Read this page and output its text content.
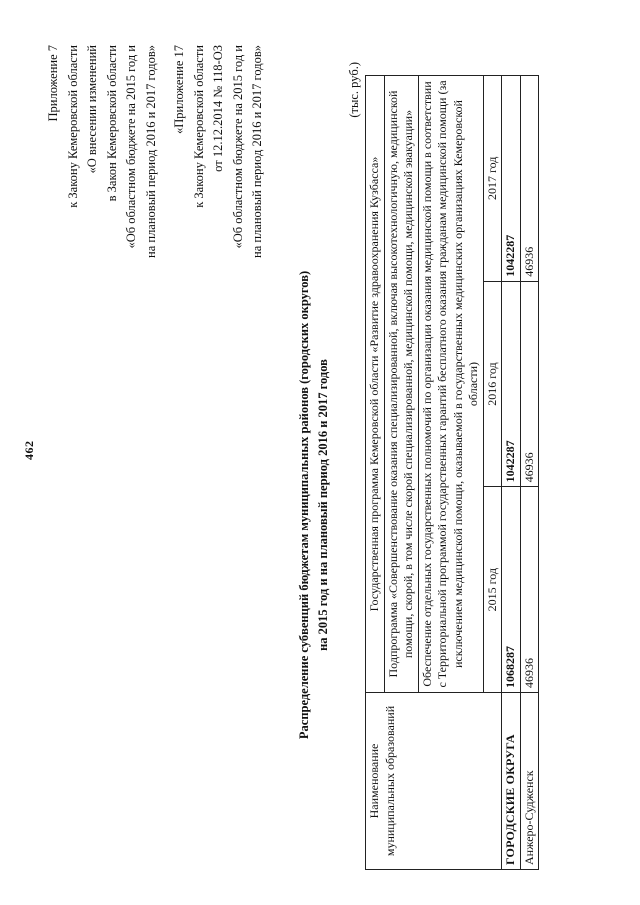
462
Приложение 7 к Закону Кемеровской области «О внесении изменений в Закон Кемеровской области «Об областном бюджете на 2015 год и на плановый период 2016 и 2017 годов» «Приложение 17 к Закону Кемеровской области от 12.12.2014 № 118-ОЗ «Об областном бюджете на 2015 год и на плановый период 2016 и 2017 годов»
Распределение субвенций бюджетам муниципальных районов (городских округов) на 2015 год и на плановый период 2016 и 2017 годов
(тыс. руб.)
Наименование муниципальных образований	Государственная программа Кемеровской области «Развитие здравоохранения Кузбасса»		
	Подпрограмма «Совершенствование оказания специализированной, включая высокотехнологичную, медицинской помощи, скорой, в том числе скорой специализированной, медицинской помощи, медицинской эвакуации»		
	Обеспечение отдельных государственных полномочий по организации оказания медицинской помощи в соответствии с Территориальной программой государственных гарантий бесплатного оказания гражданам медицинской помощи (за исключением медицинской помощи, оказываемой в государственных медицинских организациях Кемеровской области)		
	2015 год	2016 год	2017 год
ГОРОДСКИЕ ОКРУГА	1068287	1042287	1042287
Анжеро-Судженск	46936	46936	46936
